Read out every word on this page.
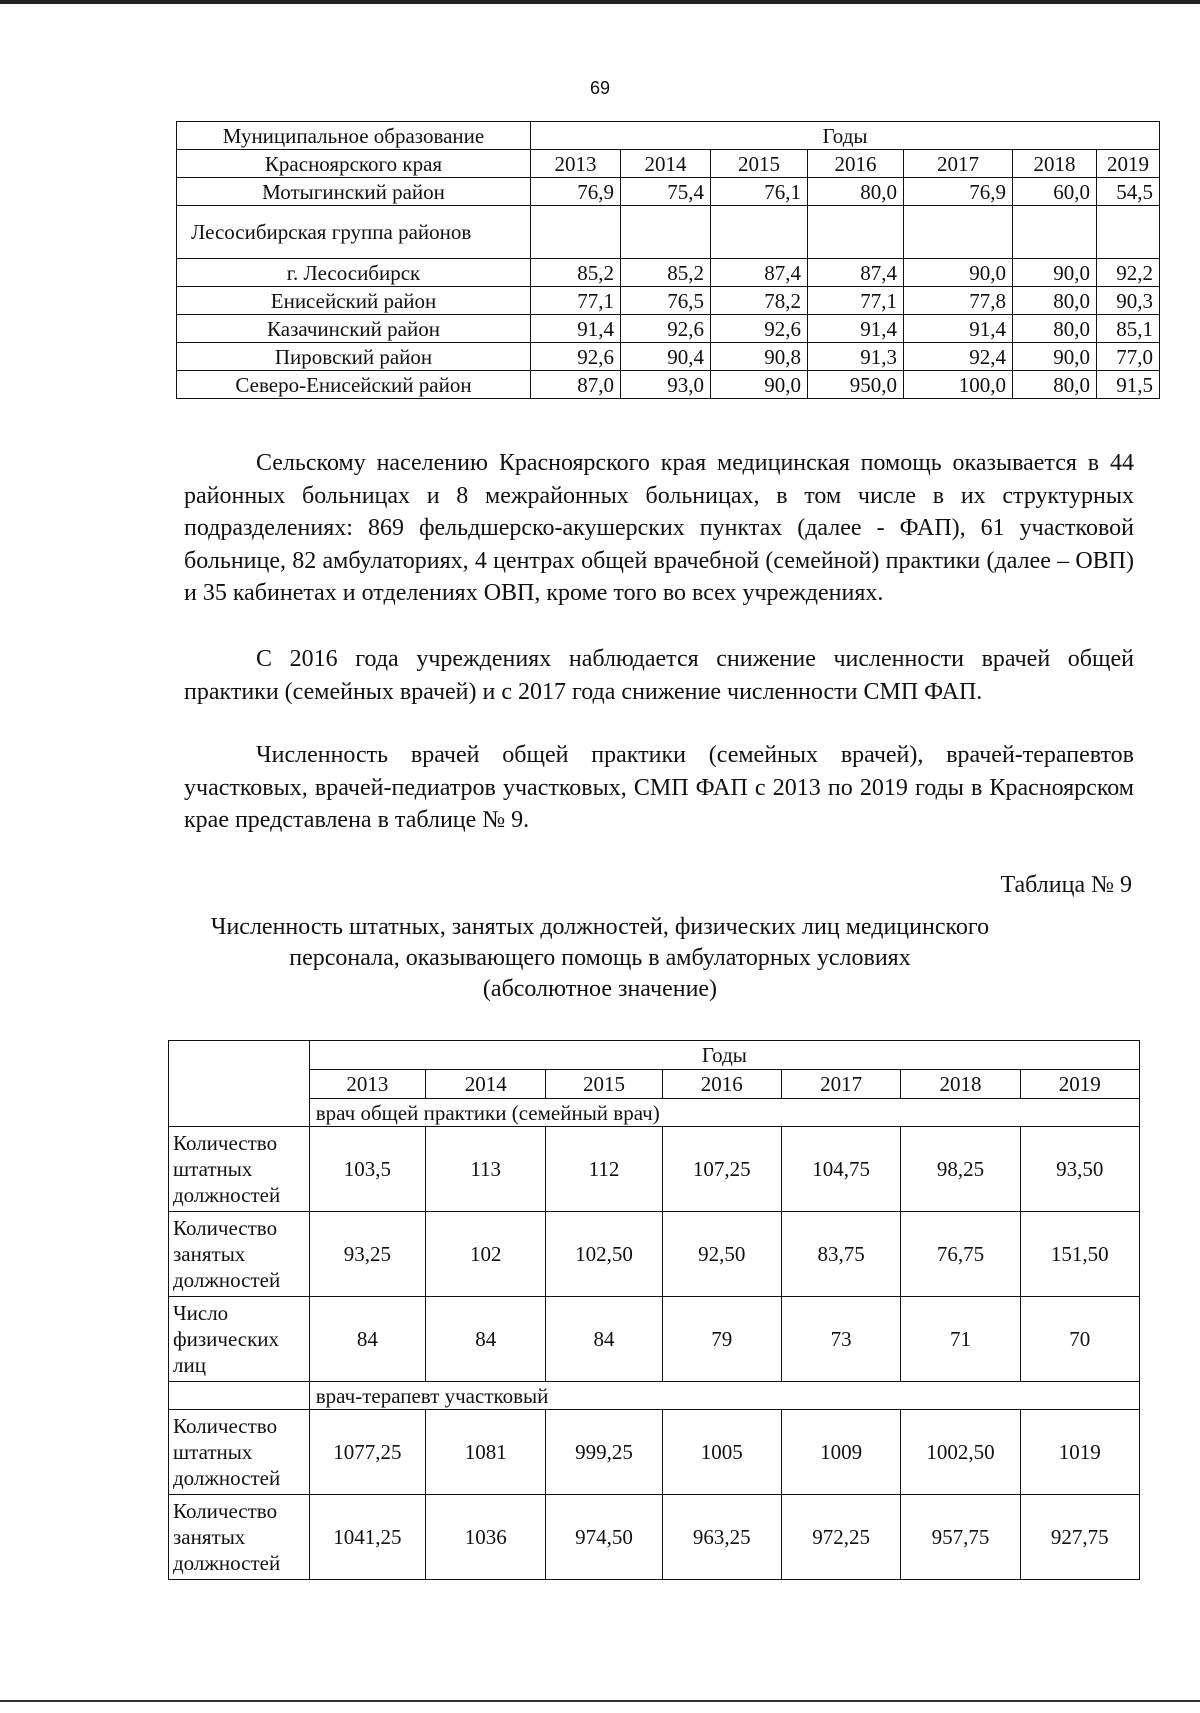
69
Муниципальное образование	Годы						
Красноярского края	2013	2014	2015	2016	2017	2018	2019
Мотыгинский район	76,9	75,4	76,1	80,0	76,9	60,0	54,5
Лесосибирская группа районов							
г. Лесосибирск	85,2	85,2	87,4	87,4	90,0	90,0	92,2
Енисейский район	77,1	76,5	78,2	77,1	77,8	80,0	90,3
Казачинский район	91,4	92,6	92,6	91,4	91,4	80,0	85,1
Пировский район	92,6	90,4	90,8	91,3	92,4	90,0	77,0
Северо-Енисейский район	87,0	93,0	90,0	950,0	100,0	80,0	91,5

Сельскому населению Красноярского края медицинская помощь оказывается в 44 районных больницах и 8 межрайонных больницах, в том числе в их структурных подразделениях: 869 фельдшерско-акушерских пунктах (далее - ФАП), 61 участковой больнице, 82 амбулаториях, 4 центрах общей врачебной (семейной) практики (далее – ОВП) и 35 кабинетах и отделениях ОВП, кроме того во всех учреждениях.

С 2016 года учреждениях наблюдается снижение численности врачей общей практики (семейных врачей) и с 2017 года снижение численности СМП ФАП.

Численность врачей общей практики (семейных врачей), врачей-терапевтов участковых, врачей-педиатров участковых, СМП ФАП с 2013 по 2019 годы в Красноярском крае представлена в таблице № 9.

Таблица № 9
Численность штатных, занятых должностей, физических лиц медицинского
персонала, оказывающего помощь в амбулаторных условиях
(абсолютное значение)
	Годы						
	2013	2014	2015	2016	2017	2018	2019
	врач общей практики (семейный врач)						
Количество штатных должностей	103,5	113	112	107,25	104,75	98,25	93,50
Количество занятых должностей	93,25	102	102,50	92,50	83,75	76,75	151,50
Число физических лиц	84	84	84	79	73	71	70
	врач-терапевт участковый						
Количество штатных должностей	1077,25	1081	999,25	1005	1009	1002,50	1019
Количество занятых должностей	1041,25	1036	974,50	963,25	972,25	957,75	927,75
